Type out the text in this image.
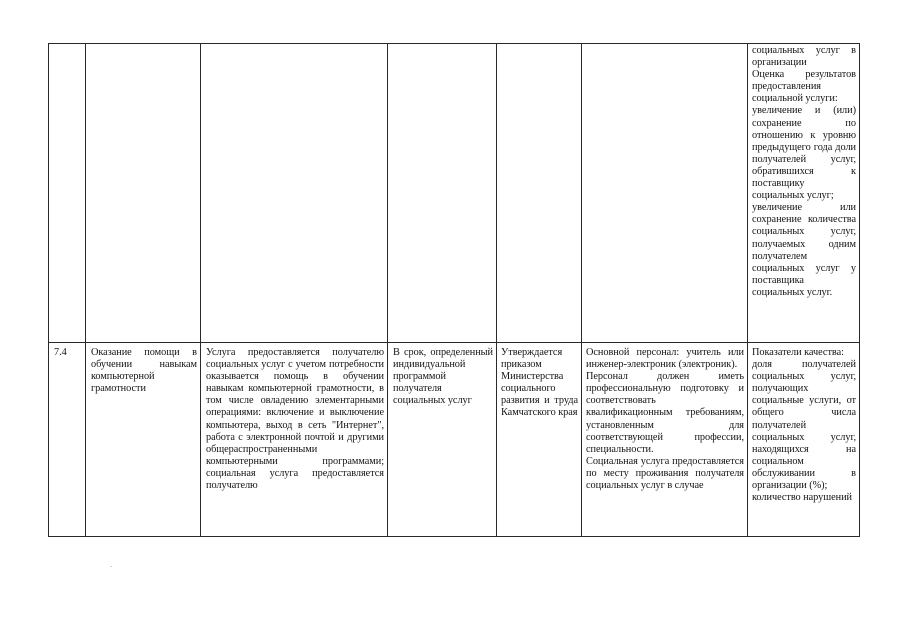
социальных услуг в организации
Оценка результатов предоставления социальной услуги:
увеличение и (или) сохранение по отношению к уровню предыдущего года доли получателей услуг, обратившихся к поставщику социальных услуг;
увеличение или сохранение количества социальных услуг, получаемых одним получателем социальных услуг у поставщика социальных услуг.
7.4	Оказание помощи в обучении навыкам компьютерной грамотности
Услуга предоставляется получателю социальных услуг с учетом потребности оказывается помощь в обучении навыкам компьютерной грамотности, в том числе овладению элементарными операциями: включение и выключение компьютера, выход в сеть "Интернет", работа с электронной почтой и другими общераспространенными компьютерными программами; социальная услуга предоставляется получателю
В срок, определенный индивидуальной программой получателя социальных услуг
Утверждается приказом Министерства социального развития и труда Камчатского края
Основной персонал: учитель или инженер-электроник (электроник).
Персонал должен иметь профессиональную подготовку и соответствовать квалификационным требованиям, установленным для соответствующей профессии, специальности.
Социальная услуга предоставляется по месту проживания получателя социальных услуг в случае
Показатели качества:
доля получателей социальных услуг, получающих социальные услуги, от общего числа получателей социальных услуг, находящихся на социальном обслуживании в организации (%);
количество нарушений
